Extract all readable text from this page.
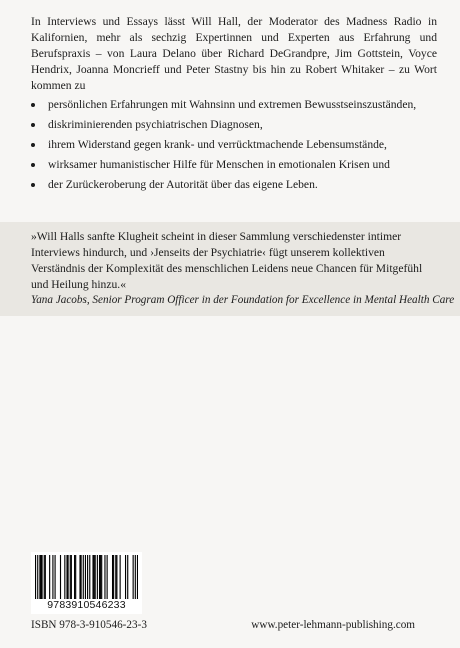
In Interviews und Essays lässt Will Hall, der Moderator des Madness Radio in Kalifornien, mehr als sechzig Expertinnen und Experten aus Erfahrung und Berufspraxis – von Laura Delano über Richard DeGrandpre, Jim Gottstein, Voyce Hendrix, Joanna Moncrieff und Peter Stastny bis hin zu Robert Whitaker – zu Wort kommen zu

persönlichen Erfahrungen mit Wahnsinn und extremen Bewusstseinszuständen,
diskriminierenden psychiatrischen Diagnosen,
ihrem Widerstand gegen krank- und verrücktmachende Lebensumstände,
wirksamer humanistischer Hilfe für Menschen in emotionalen Krisen und
der Zurückeroberung der Autorität über das eigene Leben.

»Will Halls sanfte Klugheit scheint in dieser Sammlung verschiedenster intimer Interviews hindurch, und ›Jenseits der Psychiatrie‹ fügt unserem kollektiven Verständnis der Komplexität des menschlichen Leidens neue Chancen für Mitgefühl und Heilung hinzu.«

Yana Jacobs, Senior Program Officer in der Foundation for Excellence in Mental Health Care

9783910546233

ISBN 978-3-910546-23-3	www.peter-lehmann-publishing.com
